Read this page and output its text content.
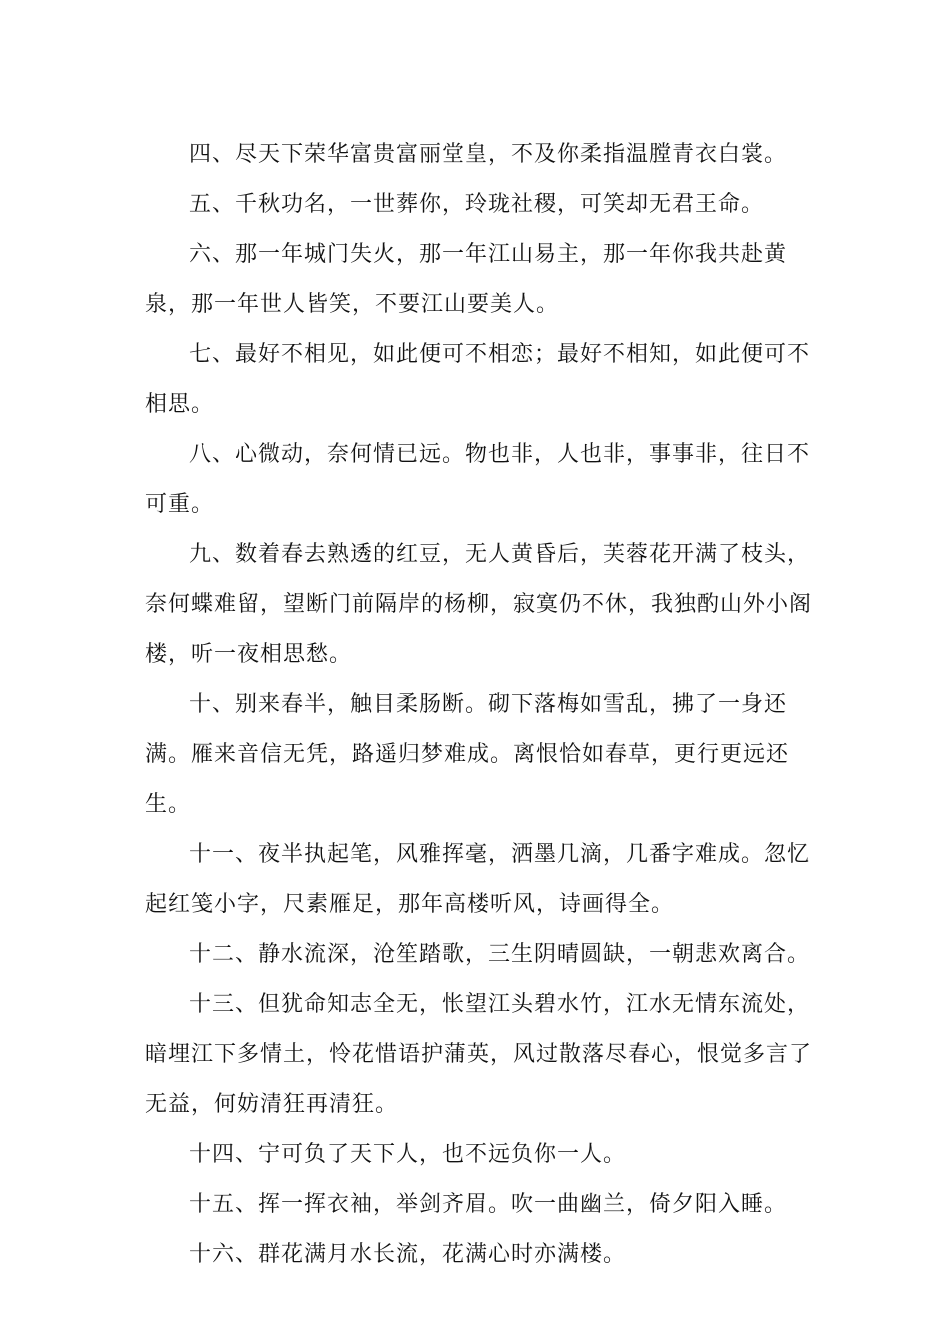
四、尽天下荣华富贵富丽堂皇，不及你柔指温膛青衣白裳。

五、千秋功名，一世葬你，玲珑社稷，可笑却无君王命。

六、那一年城门失火，那一年江山易主，那一年你我共赴黄泉，那一年世人皆笑，不要江山要美人。

七、最好不相见，如此便可不相恋；最好不相知，如此便可不相思。

八、心微动，奈何情已远。物也非，人也非，事事非，往日不可重。

九、数着春去熟透的红豆，无人黄昏后，芙蓉花开满了枝头，奈何蝶难留，望断门前隔岸的杨柳，寂寞仍不休，我独酌山外小阁楼，听一夜相思愁。

十、别来春半，触目柔肠断。砌下落梅如雪乱，拂了一身还满。雁来音信无凭，路遥归梦难成。离恨恰如春草，更行更远还生。

十一、夜半执起笔，风雅挥毫，洒墨几滴，几番字难成。忽忆起红笺小字，尺素雁足，那年高楼听风，诗画得全。

十二、静水流深，沧笙踏歌，三生阴晴圆缺，一朝悲欢离合。

十三、但犹命知志全无，怅望江头碧水竹，江水无情东流处，暗埋江下多情土，怜花惜语护蒲英，风过散落尽春心，恨觉多言了无益，何妨清狂再清狂。

十四、宁可负了天下人，也不远负你一人。

十五、挥一挥衣袖，举剑齐眉。吹一曲幽兰，倚夕阳入睡。

十六、群花满月水长流，花满心时亦满楼。
